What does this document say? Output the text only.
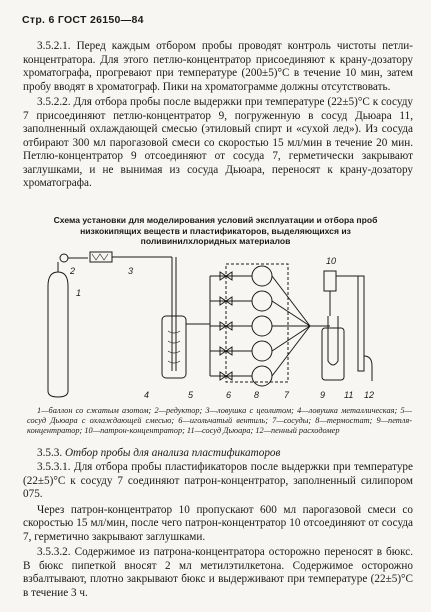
Стр. 6 ГОСТ 26150—84

3.5.2.1. Перед каждым отбором пробы проводят контроль чистоты петли-концентратора. Для этого петлю-концентратор присоединяют к крану-дозатору хроматографа, прогревают при температуре (200±5)°С в течение 10 мин, затем пробу вводят в хроматограф. Пики на хроматограмме должны отсутствовать.

3.5.2.2. Для отбора пробы после выдержки при температуре (22±5)°С к сосуду 7 присоединяют петлю-концентратор 9, погруженную в сосуд Дьюара 11, заполненный охлаждающей смесью (этиловый спирт и «сухой лед»). Из сосуда отбирают 300 мл парогазовой смеси со скоростью 15 мл/мин в течение 20 мин. Петлю-концентратор 9 отсоединяют от сосуда 7, герметически закрывают заглушками, и не вынимая из сосуда Дьюара, переносят к крану-дозатору хроматографа.

Схема установки для моделирования условий эксплуатации и отбора проб низкокипящих веществ и пластификаторов, выделяющихся из поливинилхлоридных материалов
1
2	3
4	5	6	7
8	9
10
11 12
1—баллон со сжатым азотом; 2—редуктор; 3—ловушка с цеолитом; 4—ловушка металлическая; 5—сосуд Дьюара с охлаждающей смесью; 6—игольчатый вентиль; 7—сосуды; 8—термостат; 9—петля-концентратор; 10—патрон-концентратор; 11—сосуд Дьюара; 12—пенный расходомер
3.5.3. Отбор пробы для анализа пластификаторов

3.5.3.1. Для отбора пробы пластификаторов после выдержки при температуре (22±5)°С к сосуду 7 соединяют патрон-концентратор, заполненный силипором 075.

Через патрон-концентратор 10 пропускают 600 мл парогазовой смеси со скоростью 15 мл/мин, после чего патрон-концентратор 10 отсоединяют от сосуда 7, герметично закрывают заглушками.

3.5.3.2. Содержимое из патрона-концентратора осторожно переносят в бюкс. В бюкс пипеткой вносят 2 мл метилэтилкетона. Содержимое осторожно взбалтывают, плотно закрывают бюкс и выдерживают при температуре (22±5)°С в течение 3 ч.
